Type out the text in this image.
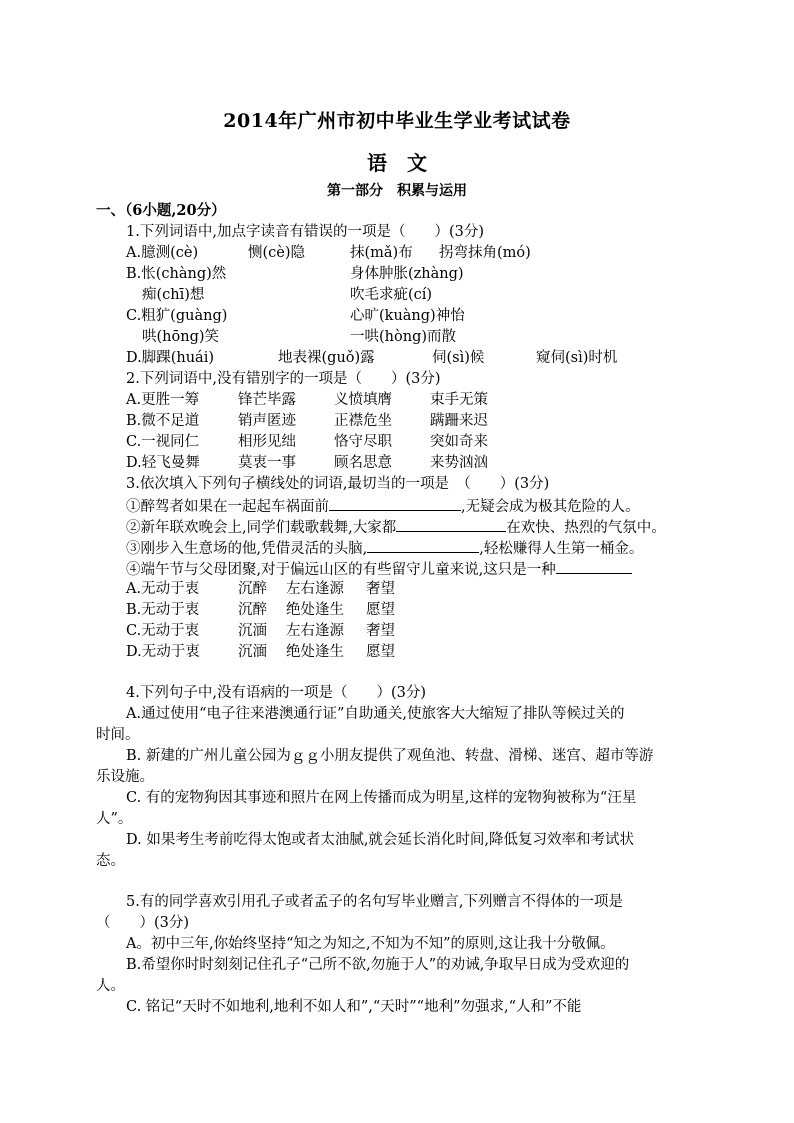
2014年广州市初中毕业生学业考试试卷
语　文
第一部分　积累与运用
一、（6小题,20分）
1.下列词语中,加点字读音有错误的一项是（　　）(3分)
A.臆测(cè)	恻(cè)隐	抹(mǎ)布 拐弯抹角(mó)
B.怅(chàng)然	身体肿胀(zhàng)
痴(chī)想	吹毛求疵(cí)
C.粗犷(guàng)	心旷(kuàng)神怡
哄(hōng)笑	一哄(hòng)而散
D.脚踝(huái)	地表裸(guǒ)露	伺(sì)候	窥伺(sì)时机
2.下列词语中,没有错别字的一项是（　　）(3分)
A.更胜一筹	锋芒毕露	义愤填膺	束手无策
B.微不足道	销声匿迹	正襟危坐	蹒跚来迟
C.一视同仁	相形见绌	恪守尽职	突如奇来
D.轻飞曼舞	莫衷一事	顾名思意	来势汹汹
3.依次填入下列句子横线处的词语,最切当的一项是　（　　）(3分)
①醉驾者如果在一起起车祸面前	,无疑会成为极其危险的人。
②新年联欢晚会上,同学们载歌载舞,大家都	在欢快、热烈的气氛中。
③刚步入生意场的他,凭借灵活的头脑,	,轻松赚得人生第一桶金。
④端午节与父母团聚,对于偏远山区的有些留守儿童来说,这只是一种
A.无动于衷	沉醉 左右逢源 奢望
B.无动于衷	沉醉 绝处逢生 愿望
C.无动于衷	沉湎 左右逢源 奢望
D.无动于衷	沉湎 绝处逢生 愿望
4.下列句子中,没有语病的一项是（　　）(3分)
A.通过使用“电子往来港澳通行证”自助通关,使旅客大大缩短了排队等候过关的
时间。
B. 新建的广州儿童公园为ｇｇ小朋友提供了观鱼池、转盘、滑梯、迷宫、超市等游
乐设施。
C. 有的宠物狗因其事迹和照片在网上传播而成为明星,这样的宠物狗被称为“汪星
人”。
D. 如果考生考前吃得太饱或者太油腻,就会延长消化时间,降低复习效率和考试状
态。
5.有的同学喜欢引用孔子或者孟子的名句写毕业赠言,下列赠言不得体的一项是
（　　）(3分)
A。初中三年,你始终坚持“知之为知之,不知为不知”的原则,这让我十分敬佩。
B.希望你时时刻刻记住孔子“己所不欲,勿施于人”的劝诫,争取早日成为受欢迎的
人。
C. 铭记“天时不如地利,地利不如人和”,“天时”“地利”勿强求,“人和”不能
